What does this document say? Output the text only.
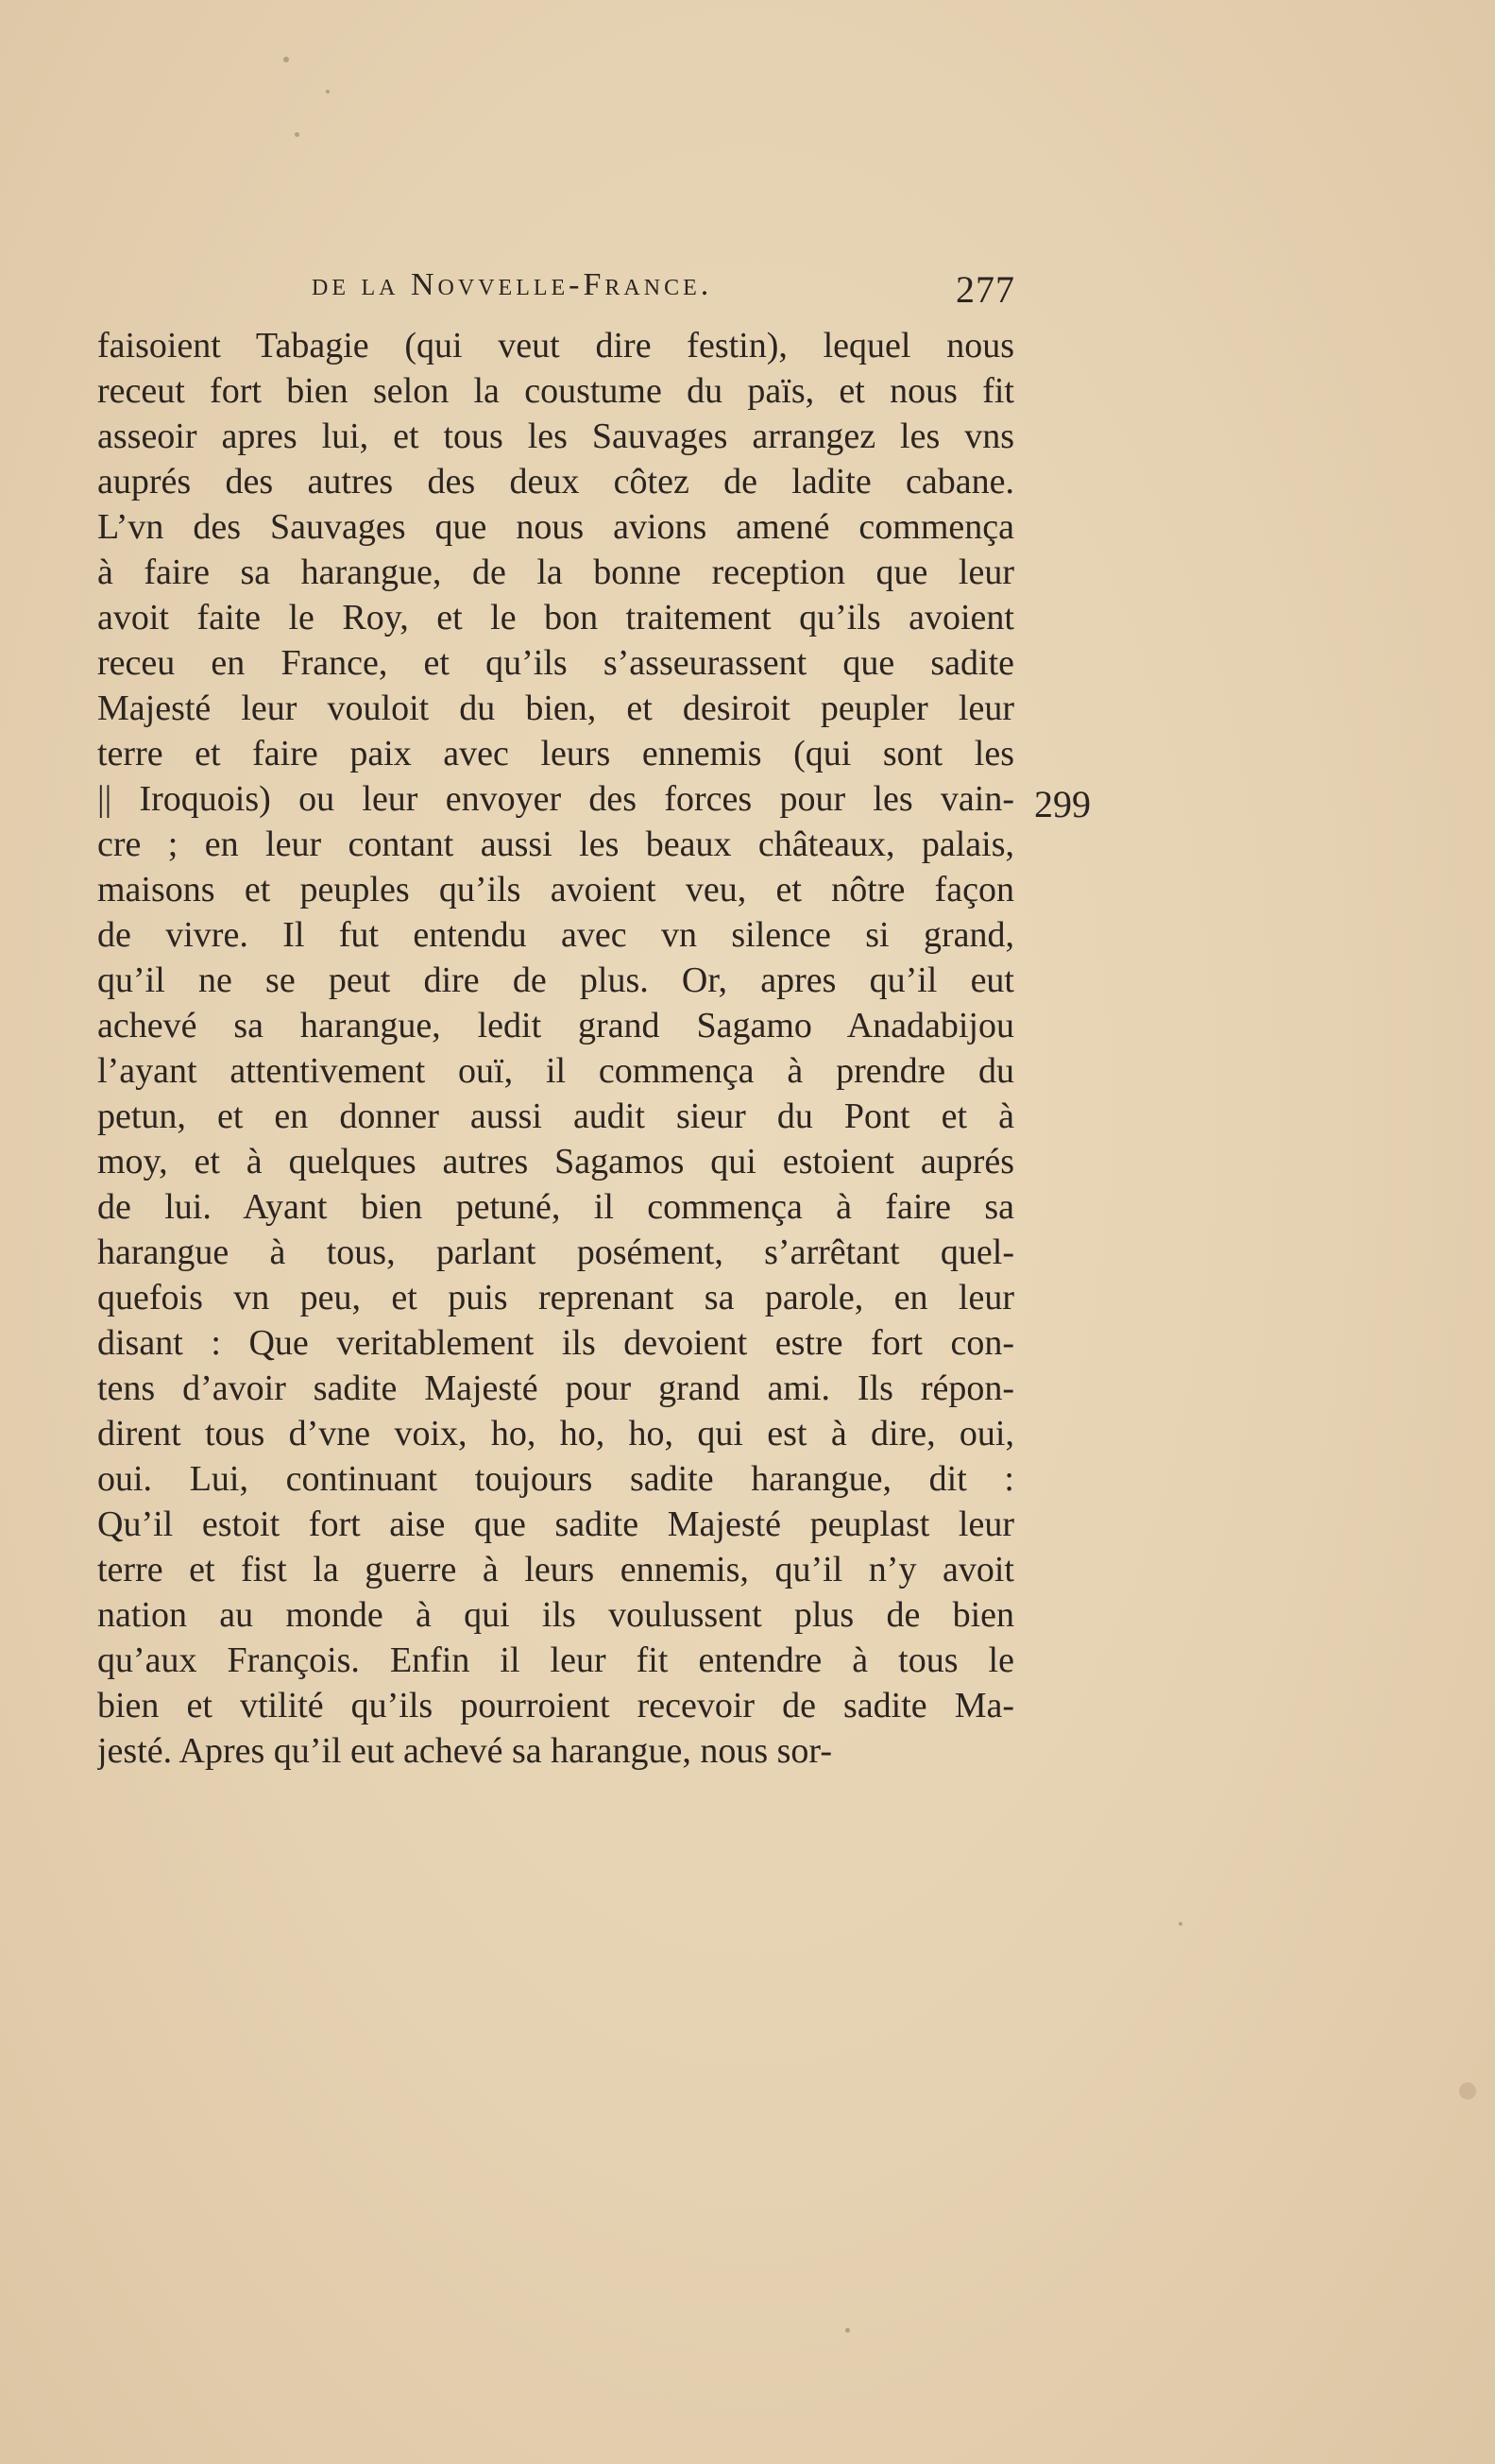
de la Novvelle-France.	277
299
faisoient Tabagie (qui veut dire festin), lequel nous
receut fort bien selon la coustume du païs, et nous fit
asseoir apres lui, et tous les Sauvages arrangez les vns
auprés des autres des deux côtez de ladite cabane.
L’vn des Sauvages que nous avions amené commença
à faire sa harangue, de la bonne reception que leur
avoit faite le Roy, et le bon traitement qu’ils avoient
receu en France, et qu’ils s’asseurassent que sadite
Majesté leur vouloit du bien, et desiroit peupler leur
terre et faire paix avec leurs ennemis (qui sont les
|| Iroquois) ou leur envoyer des forces pour les vain-
cre ; en leur contant aussi les beaux châteaux, palais,
maisons et peuples qu’ils avoient veu, et nôtre façon
de vivre. Il fut entendu avec vn silence si grand,
qu’il ne se peut dire de plus. Or, apres qu’il eut
achevé sa harangue, ledit grand Sagamo Anadabijou
l’ayant attentivement ouï, il commença à prendre du
petun, et en donner aussi audit sieur du Pont et à
moy, et à quelques autres Sagamos qui estoient auprés
de lui. Ayant bien petuné, il commença à faire sa
harangue à tous, parlant posément, s’arrêtant quel-
quefois vn peu, et puis reprenant sa parole, en leur
disant : Que veritablement ils devoient estre fort con-
tens d’avoir sadite Majesté pour grand ami. Ils répon-
dirent tous d’vne voix, ho, ho, ho, qui est à dire, oui,
oui. Lui, continuant toujours sadite harangue, dit :
Qu’il estoit fort aise que sadite Majesté peuplast leur
terre et fist la guerre à leurs ennemis, qu’il n’y avoit
nation au monde à qui ils voulussent plus de bien
qu’aux François. Enfin il leur fit entendre à tous le
bien et vtilité qu’ils pourroient recevoir de sadite Ma-
jesté. Apres qu’il eut achevé sa harangue, nous sor-
